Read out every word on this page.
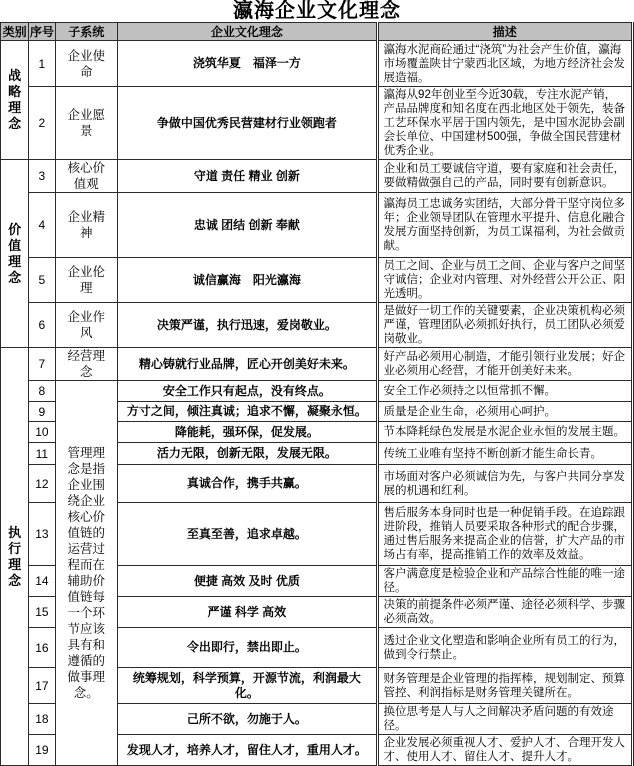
瀛海企业文化理念
类别	序号	子系统	企业文化理念	描述
战略理念	1	企业使命	浇筑华夏　福泽一方	瀛海水泥商砼通过“浇筑”为社会产生价值，瀛海市场覆盖陕甘宁蒙西北区域，为地方经济社会发展造福。
	2	企业愿景	争做中国优秀民营建材行业领跑者	瀛海从92年创业至今近30载，专注水泥产销，产品品牌度和知名度在西北地区处于领先，装备工艺环保水平居于国内领先，是中国水泥协会副会长单位、中国建材500强，争做全国民营建材优秀企业。
价值理念	3	核心价值观	守道 责任 精业 创新	企业和员工要诚信守道，要有家庭和社会责任，要做精做强自己的产品，同时要有创新意识。
	4	企业精神	忠诚 团结 创新 奉献	瀛海员工忠诚务实团结，大部分骨干坚守岗位多年；企业领导团队在管理水平提升、信息化融合发展方面坚持创新，为员工谋福利，为社会做贡献。
	5	企业伦理	诚信赢海　阳光瀛海	员工之间、企业与员工之间、企业与客户之间坚守诚信；企业对内管理、对外经营公开公正、阳光透明。
	6	企业作风	决策严谨，执行迅速，爱岗敬业。	是做好一切工作的关键要素，企业决策机构必须严谨，管理团队必须抓好执行，员工团队必须爱岗敬业。
执行理念	7	经营理念	精心铸就行业品牌，匠心开创美好未来。	好产品必须用心制造，才能引领行业发展；好企业必须用心经营，才能开创美好未来。
	8	管理理念是指企业围绕企业核心价值链的运营过程而在辅助价值链每一个环节应该具有和遵循的做事理念。	安全工作只有起点，没有终点。	安全工作必须持之以恒常抓不懈。
	9		方寸之间，倾注真诚；追求不懈，凝聚永恒。	质量是企业生命，必须用心呵护。
	10		降能耗，强环保，促发展。	节本降耗绿色发展是水泥企业永恒的发展主题。
	11		活力无限，创新无限，发展无限。	传统工业唯有坚持不断创新才能生命长青。
	12		真诚合作，携手共赢。	市场面对客户必须诚信为先，与客户共同分享发展的机遇和红利。
	13		至真至善，追求卓越。	售后服务本身同时也是一种促销手段。在追踪跟进阶段，推销人员要采取各种形式的配合步骤，通过售后服务来提高企业的信誉，扩大产品的市场占有率，提高推销工作的效率及效益。
	14		便捷 高效 及时 优质	客户满意度是检验企业和产品综合性能的唯一途径。
	15		严谨 科学 高效	决策的前提条件必须严谨、途径必须科学、步骤必须高效。
	16		令出即行，禁出即止。	透过企业文化塑造和影响企业所有员工的行为，做到令行禁止。
	17		统筹规划，科学预算，开源节流，利润最大化。	财务管理是企业管理的指挥棒，规划制定、预算管控、利润指标是财务管理关键所在。
	18		己所不欲，勿施于人。	换位思考是人与人之间解决矛盾问题的有效途径。
	19		发现人才，培养人才，留住人才，重用人才。	企业发展必须重视人才、爱护人才、合理开发人才、使用人才、留住人才、提升人才。
